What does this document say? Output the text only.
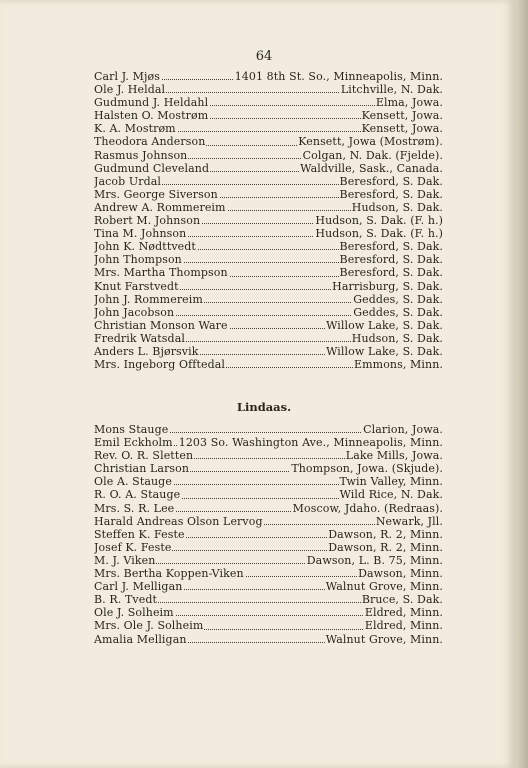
64
Carl J. Mjøs	1401 8th St. So., Minneapolis, Minn.
Ole J. Heldal	Litchville, N. Dak.
Gudmund J. Heldahl	Elma, Jowa.
Halsten O. Mostrøm	Kensett, Jowa.
K. A. Mostrøm	Kensett, Jowa.
Theodora Anderson	Kensett, Jowa (Mostrøm).
Rasmus Johnson	Colgan, N. Dak. (Fjelde).
Gudmund Cleveland	Waldville, Sask., Canada.
Jacob Urdal	Beresford, S. Dak.
Mrs. George Siverson	Beresford, S. Dak.
Andrew A. Rommereim	Hudson, S. Dak.
Robert M. Johnson	Hudson, S. Dak. (F. h.)
Tina M. Johnson	Hudson, S. Dak. (F. h.)
John K. Nødttvedt	Beresford, S. Dak.
John Thompson	Beresford, S. Dak.
Mrs. Martha Thompson	Beresford, S. Dak.
Knut Farstvedt	Harrisburg, S. Dak.
John J. Rommereim	Geddes, S. Dak.
John Jacobson	Geddes, S. Dak.
Christian Monson Ware	Willow Lake, S. Dak.
Fredrik Watsdal	Hudson, S. Dak.
Anders L. Bjørsvik	Willow Lake, S. Dak.
Mrs. Ingeborg Offtedal	Emmons, Minn.
Lindaas.
Mons Stauge	Clarion, Jowa.
Emil Eckholm 1203 So. Washington Ave., Minneapolis, Minn.
Rev. O. R. Sletten	Lake Mills, Jowa.
Christian Larson	Thompson, Jowa. (Skjude).
Ole A. Stauge	Twin Valley, Minn.
R. O. A. Stauge	Wild Rice, N. Dak.
Mrs. S. R. Lee	Moscow, Jdaho. (Redraas).
Harald Andreas Olson Lervog	Newark, Jll.
Steffen K. Feste	Dawson, R. 2, Minn.
Josef K. Feste	Dawson, R. 2, Minn.
M. J. Viken	Dawson, L. B. 75, Minn.
Mrs. Bertha Koppen-Viken	Dawson, Minn.
Carl J. Melligan	Walnut Grove, Minn.
B. R. Tvedt	Bruce, S. Dak.
Ole J. Solheim	Eldred, Minn.
Mrs. Ole J. Solheim	Eldred, Minn.
Amalia Melligan	Walnut Grove, Minn.
